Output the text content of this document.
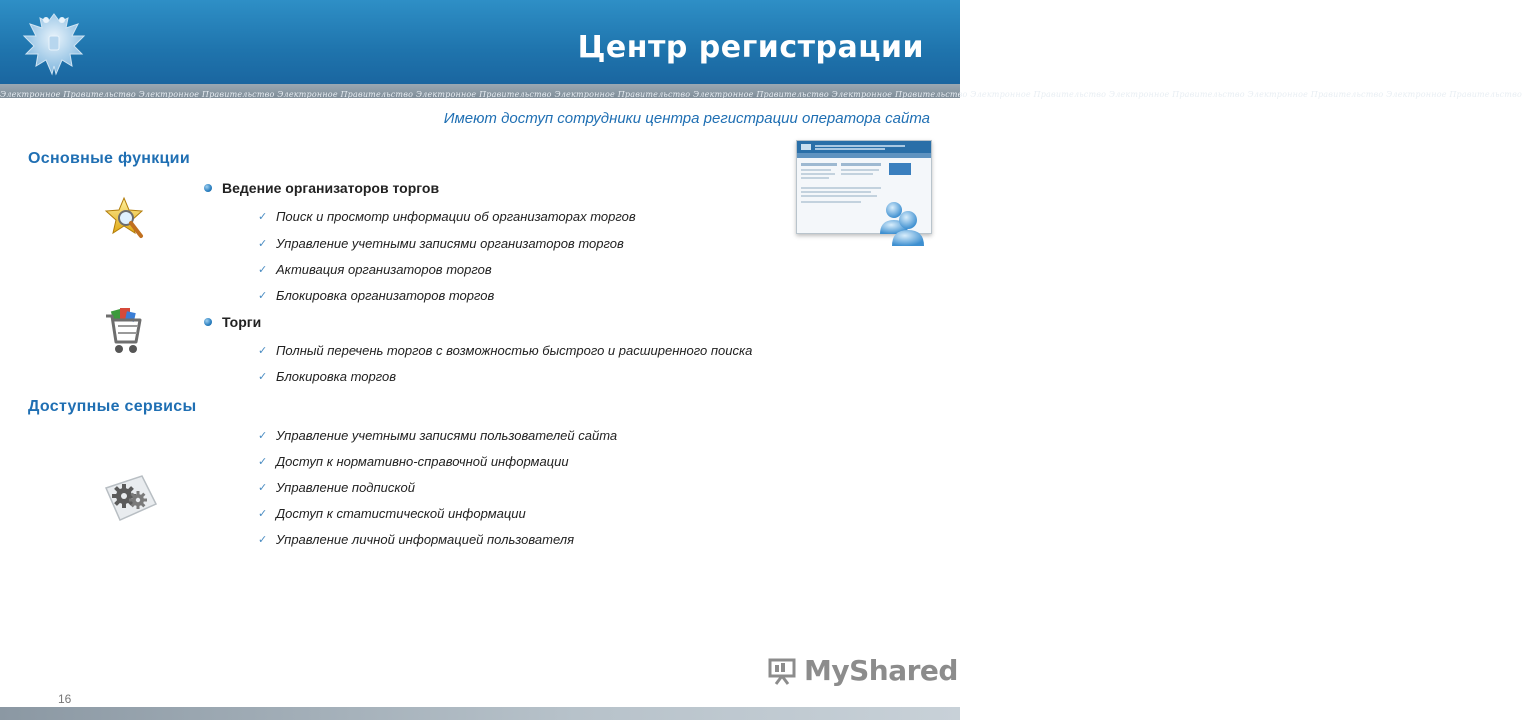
Центр регистрации
Электронное Правительство Электронное Правительство Электронное Правительство Электронное Правительство Электронное Правительство Электронное Правительство Электронное Правительство Электронное Правительство Электронное Правительство Электронное Правительство Электронное Правительство
Имеют доступ сотрудники центра регистрации оператора сайта
Основные функции
Ведение организаторов торгов
✓ Поиск и просмотр информации об организаторах торгов
✓ Управление учетными записями организаторов торгов
✓ Активация организаторов торгов
✓ Блокировка организаторов торгов
Торги
✓ Полный перечень торгов с возможностью быстрого и расширенного поиска
✓ Блокировка торгов
Доступные сервисы
✓ Управление учетными записями пользователей сайта
✓ Доступ к нормативно-справочной информации
✓ Управление подпиской
✓ Доступ к статистической информации
✓ Управление личной информацией пользователя
MyShared
16
